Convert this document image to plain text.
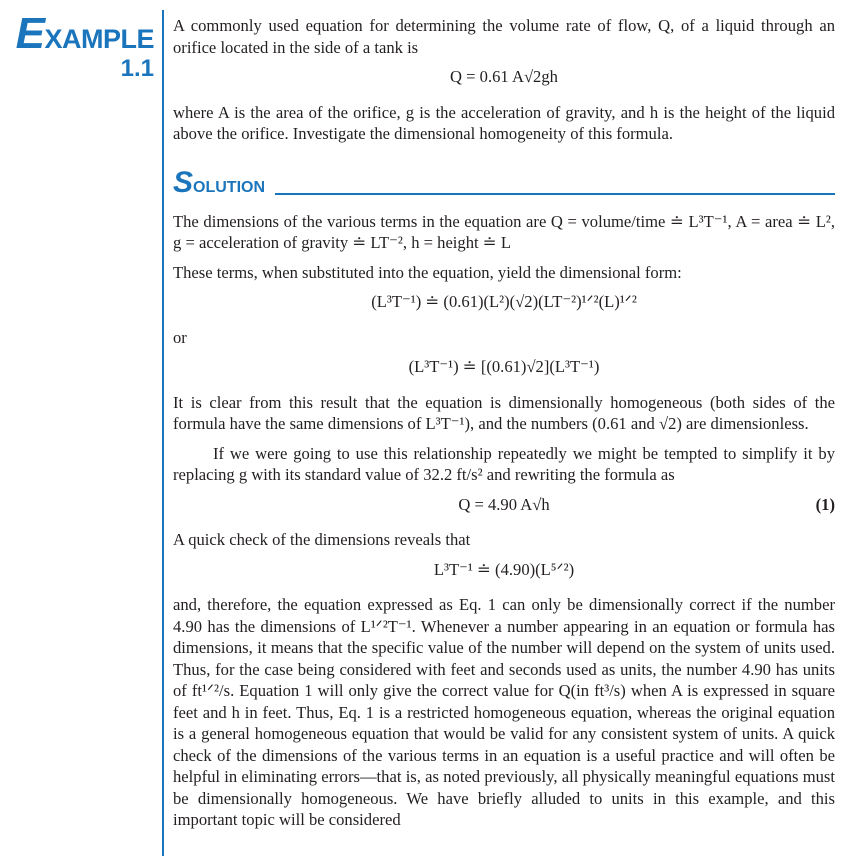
EXAMPLE
1.1

A commonly used equation for determining the volume rate of flow, Q, of a liquid through an orifice located in the side of a tank is

Q = 0.61 A√2gh

where A is the area of the orifice, g is the acceleration of gravity, and h is the height of the liquid above the orifice. Investigate the dimensional homogeneity of this formula.

SOLUTION

The dimensions of the various terms in the equation are Q = volume/time ≐ L³T⁻¹, A = area ≐ L², g = acceleration of gravity ≐ LT⁻², h = height ≐ L

These terms, when substituted into the equation, yield the dimensional form:

(L³T⁻¹) ≐ (0.61)(L²)(√2)(LT⁻²)¹ᐟ²(L)¹ᐟ²

or

(L³T⁻¹) ≐ [(0.61)√2](L³T⁻¹)

It is clear from this result that the equation is dimensionally homogeneous (both sides of the formula have the same dimensions of L³T⁻¹), and the numbers (0.61 and √2) are dimensionless.

If we were going to use this relationship repeatedly we might be tempted to simplify it by replacing g with its standard value of 32.2 ft/s² and rewriting the formula as

Q = 4.90 A√h	(1)

A quick check of the dimensions reveals that

L³T⁻¹ ≐ (4.90)(L⁵ᐟ²)

and, therefore, the equation expressed as Eq. 1 can only be dimensionally correct if the number 4.90 has the dimensions of L¹ᐟ²T⁻¹. Whenever a number appearing in an equation or formula has dimensions, it means that the specific value of the number will depend on the system of units used. Thus, for the case being considered with feet and seconds used as units, the number 4.90 has units of ft¹ᐟ²/s. Equation 1 will only give the correct value for Q(in ft³/s) when A is expressed in square feet and h in feet. Thus, Eq. 1 is a restricted homogeneous equation, whereas the original equation is a general homogeneous equation that would be valid for any consistent system of units. A quick check of the dimensions of the various terms in an equation is a useful practice and will often be helpful in eliminating errors—that is, as noted previously, all physically meaningful equations must be dimensionally homogeneous. We have briefly alluded to units in this example, and this important topic will be considered
